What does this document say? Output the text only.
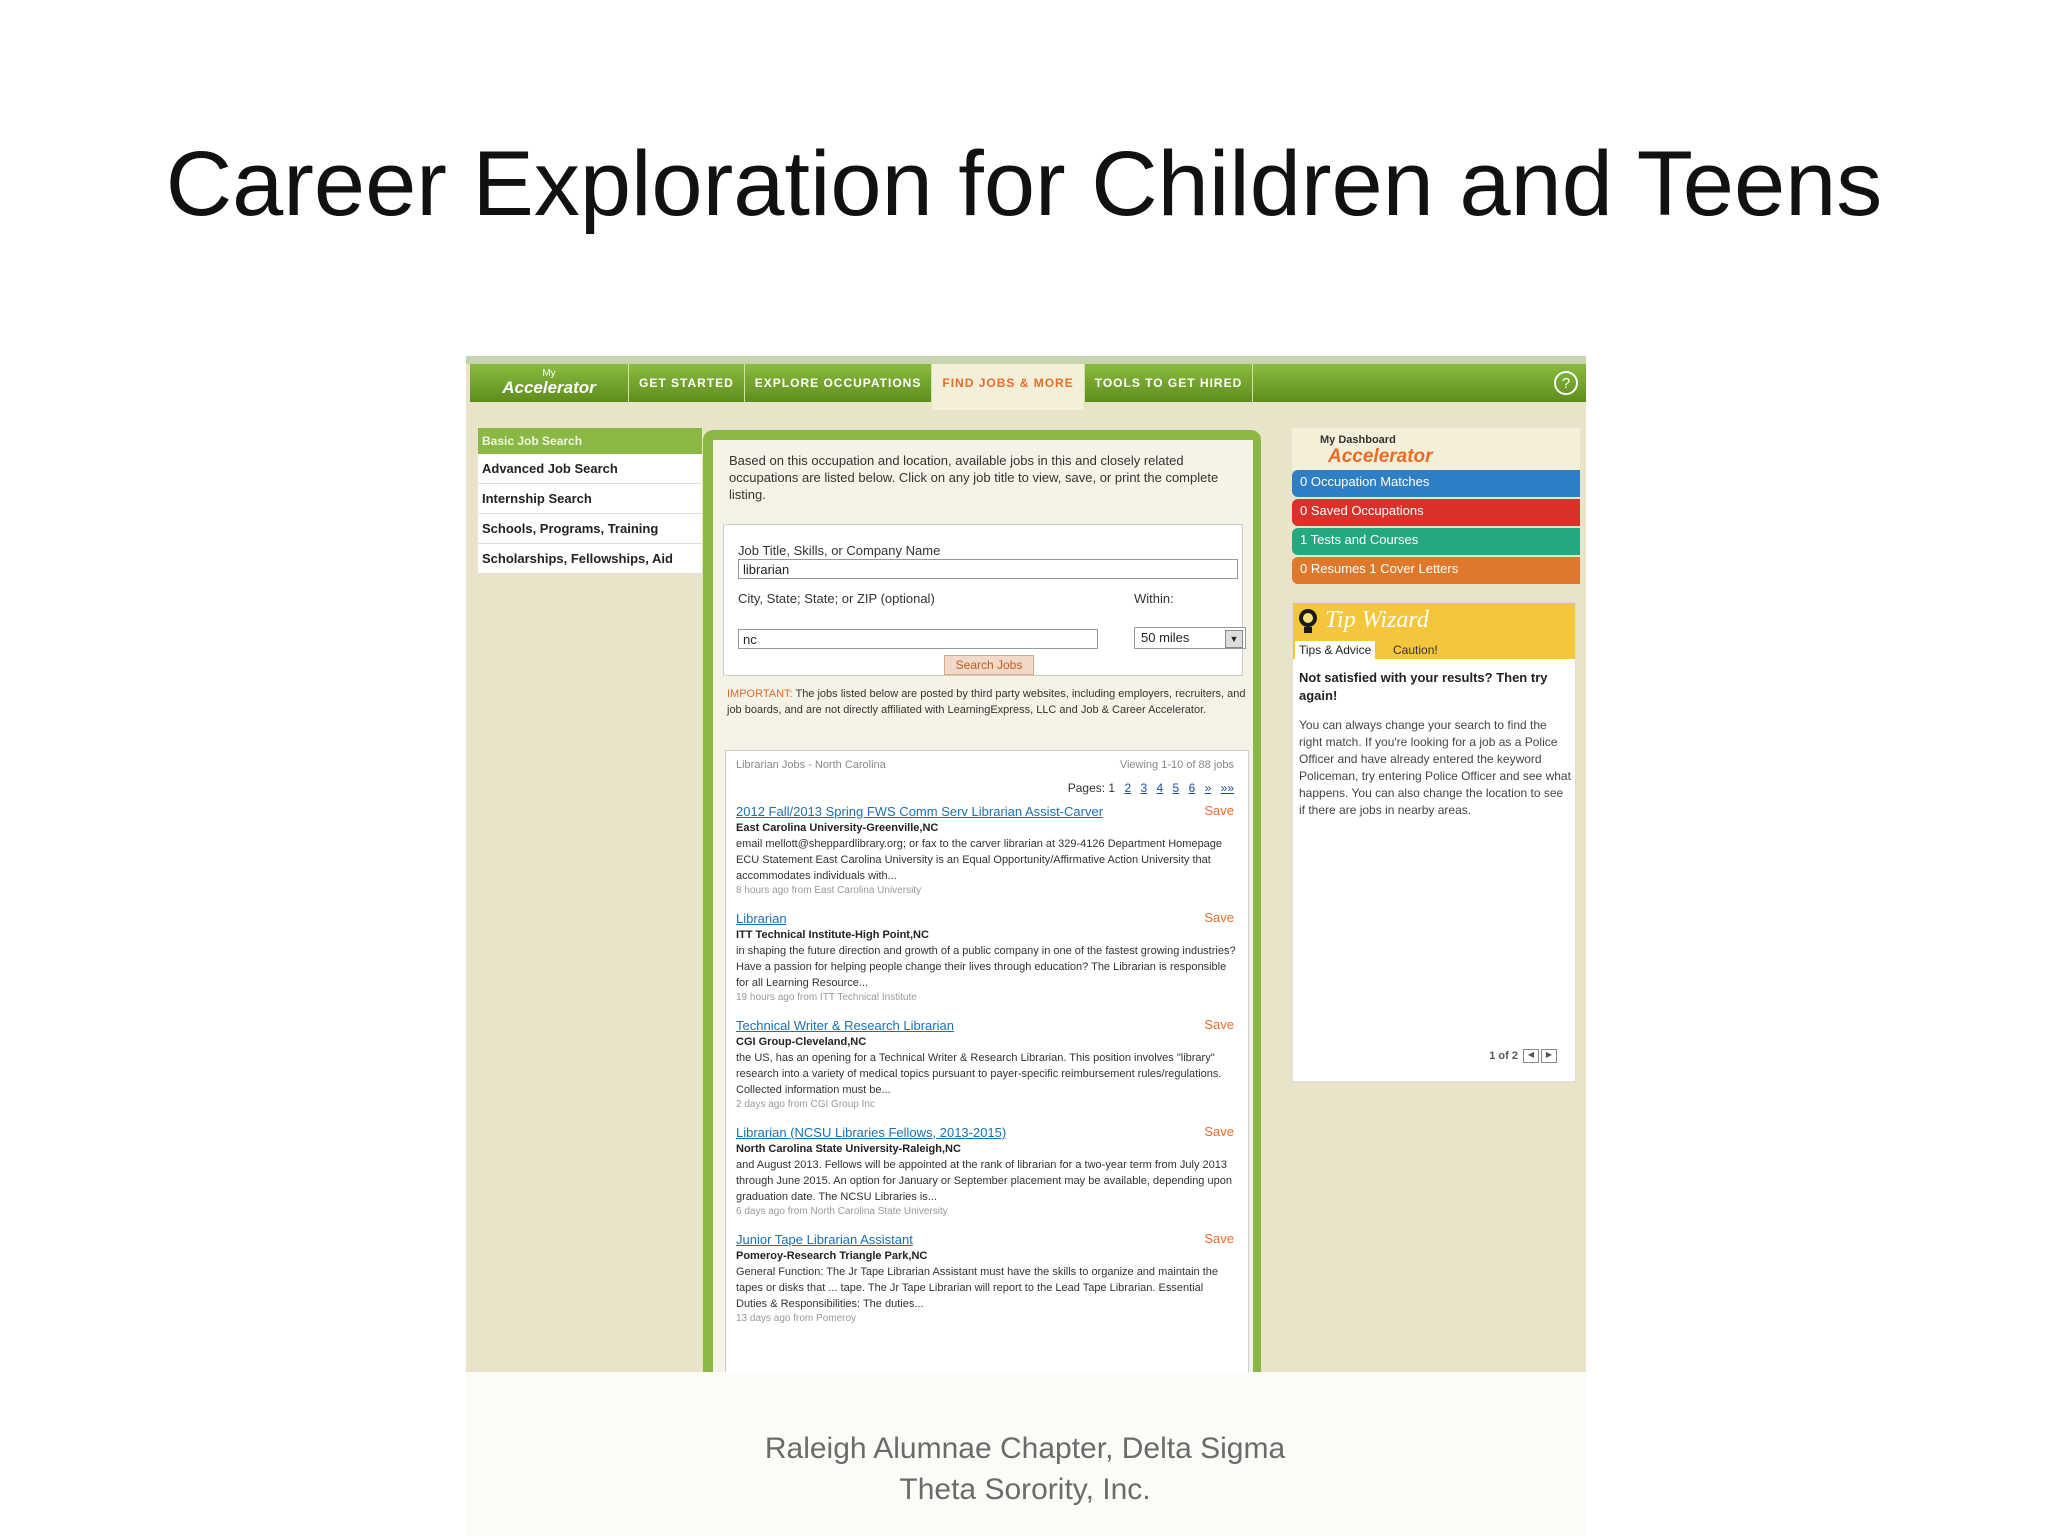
Career Exploration for Children and Teens
My
Accelerator	GET STARTED	EXPLORE OCCUPATIONS	FIND JOBS & MORE	TOOLS TO GET HIRED	?
Basic Job Search
Advanced Job Search
Internship Search
Schools, Programs, Training
Scholarships, Fellowships, Aid
Based on this occupation and location, available jobs in this and closely related occupations are listed below. Click on any job title to view, save, or print the complete listing.
Job Title, Skills, or Company Name
librarian
City, State; State; or ZIP (optional)	Within:
nc	50 miles	▼
Search Jobs
IMPORTANT: The jobs listed below are posted by third party websites, including employers, recruiters, and job boards, and are not directly affiliated with LearningExpress, LLC and Job & Career Accelerator.
Librarian Jobs - North Carolina	Viewing 1-10 of 88 jobs
Pages: 1 2 3 4 5 6 » »»
2012 Fall/2013 Spring FWS Comm Serv Librarian Assist-Carver	Save
East Carolina University-Greenville,NC
email mellott@sheppardlibrary.org; or fax to the carver librarian at 329-4126 Department Homepage ECU Statement East Carolina University is an Equal Opportunity/Affirmative Action University that accommodates individuals with...
8 hours ago from East Carolina University
Librarian	Save
ITT Technical Institute-High Point,NC
in shaping the future direction and growth of a public company in one of the fastest growing industries? Have a passion for helping people change their lives through education? The Librarian is responsible for all Learning Resource...
19 hours ago from ITT Technical Institute
Technical Writer & Research Librarian	Save
CGI Group-Cleveland,NC
the US, has an opening for a Technical Writer & Research Librarian. This position involves "library" research into a variety of medical topics pursuant to payer-specific reimbursement rules/regulations. Collected information must be...
2 days ago from CGI Group Inc
Librarian (NCSU Libraries Fellows, 2013-2015)	Save
North Carolina State University-Raleigh,NC
and August 2013. Fellows will be appointed at the rank of librarian for a two-year term from July 2013 through June 2015. An option for January or September placement may be available, depending upon graduation date. The NCSU Libraries is...
6 days ago from North Carolina State University
Junior Tape Librarian Assistant	Save
Pomeroy-Research Triangle Park,NC
General Function: The Jr Tape Librarian Assistant must have the skills to organize and maintain the tapes or disks that ... tape. The Jr Tape Librarian will report to the Lead Tape Librarian. Essential Duties & Responsibilities: The duties...
13 days ago from Pomeroy
My Dashboard
Accelerator
0 Occupation Matches
0 Saved Occupations
1 Tests and Courses
0 Resumes 1 Cover Letters
Tip Wizard
Tips & Advice	Caution!
Not satisfied with your results? Then try again!
You can always change your search to find the right match. If you're looking for a job as a Police Officer and have already entered the keyword Policeman, try entering Police Officer and see what happens. You can also change the location to see if there are jobs in nearby areas.
1 of 2 ◀ ▶
Raleigh Alumnae Chapter, Delta Sigma
Theta Sorority, Inc.
